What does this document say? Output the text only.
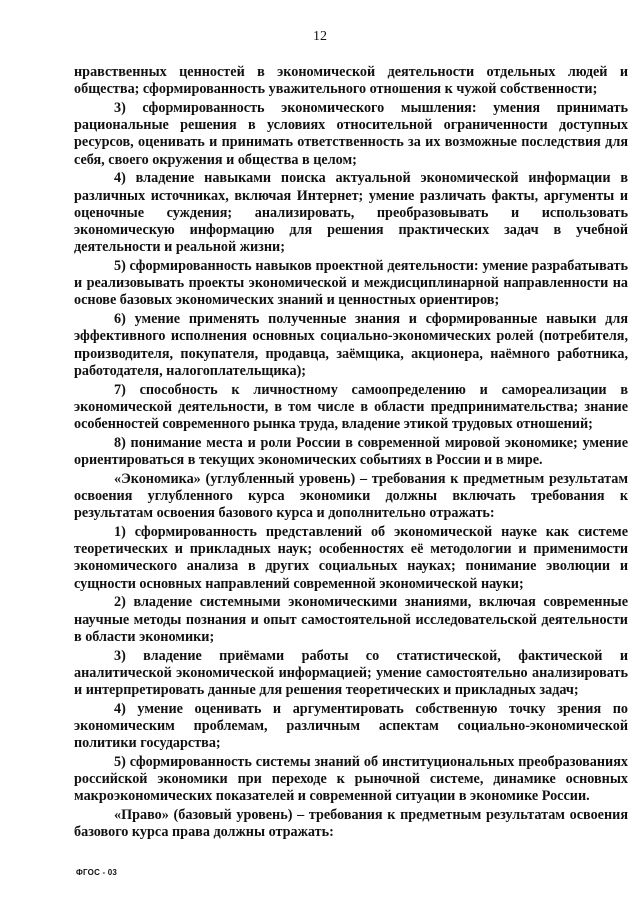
12

нравственных ценностей в экономической деятельности отдельных людей и общества; сформированность уважительного отношения к чужой собственности;

3) сформированность экономического мышления: умения принимать рациональные решения в условиях относительной ограниченности доступных ресурсов, оценивать и принимать ответственность за их возможные последствия для себя, своего окружения и общества в целом;

4) владение навыками поиска актуальной экономической информации в различных источниках, включая Интернет; умение различать факты, аргументы и оценочные суждения; анализировать, преобразовывать и использовать экономическую информацию для решения практических задач в учебной деятельности и реальной жизни;

5) сформированность навыков проектной деятельности: умение разрабатывать и реализовывать проекты экономической и междисциплинарной направленности на основе базовых экономических знаний и ценностных ориентиров;

6) умение применять полученные знания и сформированные навыки для эффективного исполнения основных социально-экономических ролей (потребителя, производителя, покупателя, продавца, заёмщика, акционера, наёмного работника, работодателя, налогоплательщика);

7) способность к личностному самоопределению и самореализации в экономической деятельности, в том числе в области предпринимательства; знание особенностей современного рынка труда, владение этикой трудовых отношений;

8) понимание места и роли России в современной мировой экономике; умение ориентироваться в текущих экономических событиях в России и в мире.

«Экономика» (углубленный уровень) – требования к предметным результатам освоения углубленного курса экономики должны включать требования к результатам освоения базового курса и дополнительно отражать:

1) сформированность представлений об экономической науке как системе теоретических и прикладных наук; особенностях её методологии и применимости экономического анализа в других социальных науках; понимание эволюции и сущности основных направлений современной экономической науки;

2) владение системными экономическими знаниями, включая современные научные методы познания и опыт самостоятельной исследовательской деятельности в области экономики;

3) владение приёмами работы со статистической, фактической и аналитической экономической информацией; умение самостоятельно анализировать и интерпретировать данные для решения теоретических и прикладных задач;

4) умение оценивать и аргументировать собственную точку зрения по экономическим проблемам, различным аспектам социально-экономической политики государства;

5) сформированность системы знаний об институциональных преобразованиях российской экономики при переходе к рыночной системе, динамике основных макроэкономических показателей и современной ситуации в экономике России.

«Право» (базовый уровень) – требования к предметным результатам освоения базового курса права должны отражать:

ФГОС - 03
